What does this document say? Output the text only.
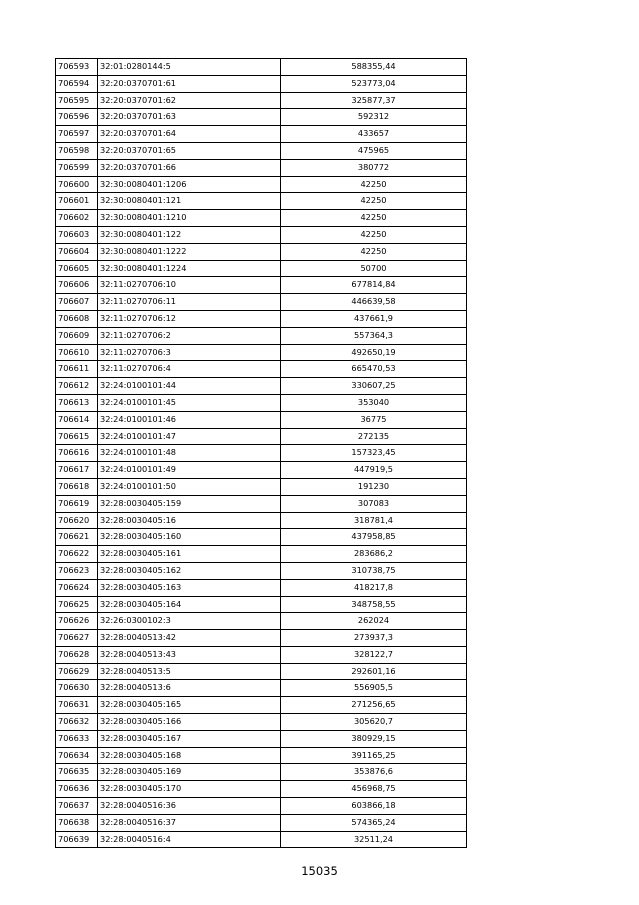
706593	32:01:0280144:5	588355,44
706594	32:20:0370701:61	523773,04
706595	32:20:0370701:62	325877,37
706596	32:20:0370701:63	592312
706597	32:20:0370701:64	433657
706598	32:20:0370701:65	475965
706599	32:20:0370701:66	380772
706600	32:30:0080401:1206	42250
706601	32:30:0080401:121	42250
706602	32:30:0080401:1210	42250
706603	32:30:0080401:122	42250
706604	32:30:0080401:1222	42250
706605	32:30:0080401:1224	50700
706606	32:11:0270706:10	677814,84
706607	32:11:0270706:11	446639,58
706608	32:11:0270706:12	437661,9
706609	32:11:0270706:2	557364,3
706610	32:11:0270706:3	492650,19
706611	32:11:0270706:4	665470,53
706612	32:24:0100101:44	330607,25
706613	32:24:0100101:45	353040
706614	32:24:0100101:46	36775
706615	32:24:0100101:47	272135
706616	32:24:0100101:48	157323,45
706617	32:24:0100101:49	447919,5
706618	32:24:0100101:50	191230
706619	32:28:0030405:159	307083
706620	32:28:0030405:16	318781,4
706621	32:28:0030405:160	437958,85
706622	32:28:0030405:161	283686,2
706623	32:28:0030405:162	310738,75
706624	32:28:0030405:163	418217,8
706625	32:28:0030405:164	348758,55
706626	32:26:0300102:3	262024
706627	32:28:0040513:42	273937,3
706628	32:28:0040513:43	328122,7
706629	32:28:0040513:5	292601,16
706630	32:28:0040513:6	556905,5
706631	32:28:0030405:165	271256,65
706632	32:28:0030405:166	305620,7
706633	32:28:0030405:167	380929,15
706634	32:28:0030405:168	391165,25
706635	32:28:0030405:169	353876,6
706636	32:28:0030405:170	456968,75
706637	32:28:0040516:36	603866,18
706638	32:28:0040516:37	574365,24
706639	32:28:0040516:4	32511,24
15035
